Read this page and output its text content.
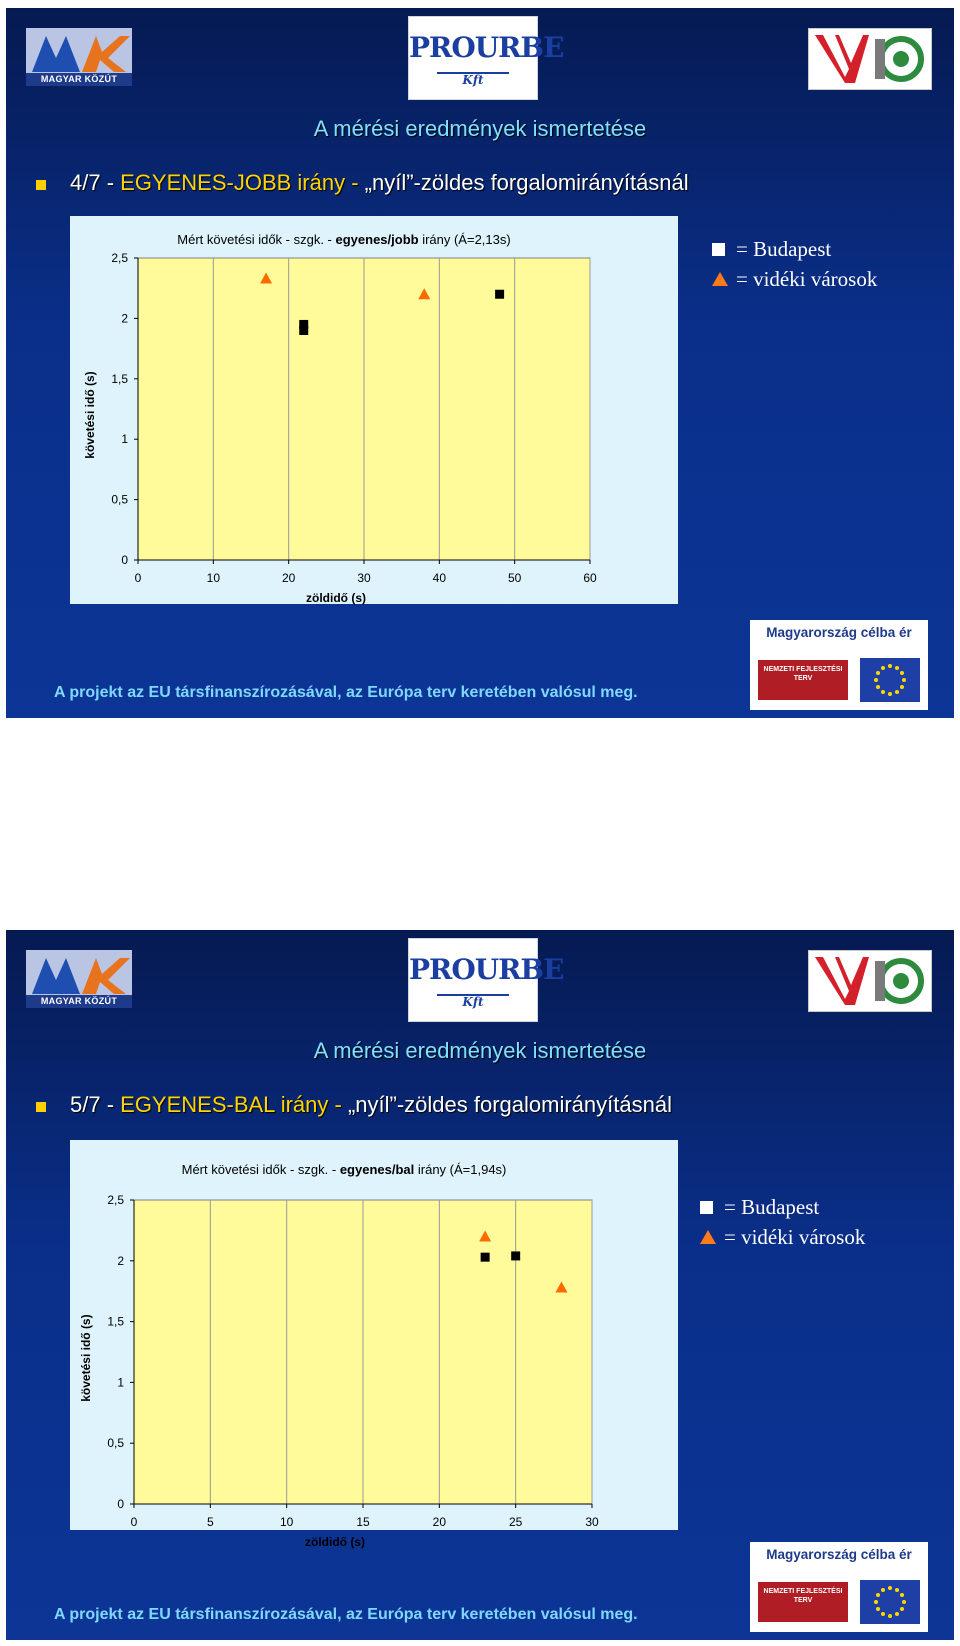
MAGYAR KÖZÚT
PROURBE
Kft
A mérési eredmények ismertetése
4/7 - EGYENES-JOBB irány - „nyíl”-zöldes forgalomirányításnál
Mért követési idők - szgk. - egyenes/jobb irány (Á=2,13s)
0
0,5
1
1,5
2
2,5
0	10	20	30	40	50	60
zöldidő (s)
követési idő (s)
= Budapest
= vidéki városok
Magyarország célba ér
NEMZETI FEJLESZTÉSI TERV
A projekt az EU társfinanszírozásával, az Európa terv keretében valósul meg.
MAGYAR KÖZÚT
PROURBE
Kft
A mérési eredmények ismertetése
5/7 - EGYENES-BAL irány - „nyíl”-zöldes forgalomirányításnál
Mért követési idők - szgk. - egyenes/bal irány (Á=1,94s)
0
0,5
1
1,5
2
2,5
0	5	10	15	20	25	30
zöldidő (s)
követési idő (s)
= Budapest
= vidéki városok
Magyarország célba ér
NEMZETI FEJLESZTÉSI TERV
A projekt az EU társfinanszírozásával, az Európa terv keretében valósul meg.
